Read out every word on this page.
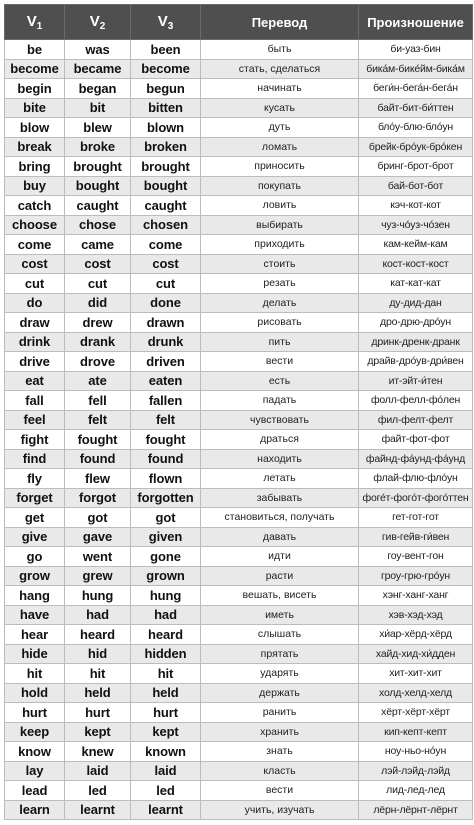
$V_1$	$V_2$	$V_3$	Перевод	Произношение
be	was	been	быть	би-уаз-бин
become	became	become	стать, сделаться	бика́м-бике́йм-бика́м
begin	began	begun	начинать	беги́н-бега́н-бега́н
bite	bit	bitten	кусать	байт-бит-би́ттен
blow	blew	blown	дуть	блóу-блю-блóун
break	broke	broken	ломать	брейк-брóук-брóкен
bring	brought	brought	приносить	бринг-брот-брот
buy	bought	bought	покупать	бай-бот-бот
catch	caught	caught	ловить	кэч-кот-кот
choose	chose	chosen	выбирать	чуз-чóуз-чóзен
come	came	come	приходить	кам-кейм-кам
cost	cost	cost	стоить	кост-кост-кост
cut	cut	cut	резать	кат-кат-кат
do	did	done	делать	ду-дид-дан
draw	drew	drawn	рисовать	дро-дрю-дрóун
drink	drank	drunk	пить	дринк-дренк-дранк
drive	drove	driven	вести	драйв-дрóув-дри́вен
eat	ate	eaten	есть	ит-эйт-и́тен
fall	fell	fallen	падать	фолл-фелл-фóлен
feel	felt	felt	чувствовать	фил-фелт-фелт
fight	fought	fought	драться	файт-фот-фот
find	found	found	находить	файнд-фáунд-фáунд
fly	flew	flown	летать	флай-флю-флóун
forget	forgot	forgotten	забывать	фоге́т-фогóт-фогóттен
get	got	got	становиться, получать	гет-гот-гот
give	gave	given	давать	гив-гейв-ги́вен
go	went	gone	идти	гоу-вент-гон
grow	grew	grown	расти	гроу-грю-грóун
hang	hung	hung	вешать, висеть	хэнг-ханг-ханг
have	had	had	иметь	хэв-хэд-хэд
hear	heard	heard	слышать	хи́ар-хёрд-хёрд
hide	hid	hidden	прятать	хайд-хид-хи́дден
hit	hit	hit	ударять	хит-хит-хит
hold	held	held	держать	холд-хелд-хелд
hurt	hurt	hurt	ранить	хёрт-хёрт-хёрт
keep	kept	kept	хранить	кип-кепт-кепт
know	knew	known	знать	ноу-ньо-нóун
lay	laid	laid	класть	лэй-лэйд-лэйд
lead	led	led	вести	лид-лед-лед
learn	learnt	learnt	учить, изучать	лёрн-лёрнт-лёрнт
